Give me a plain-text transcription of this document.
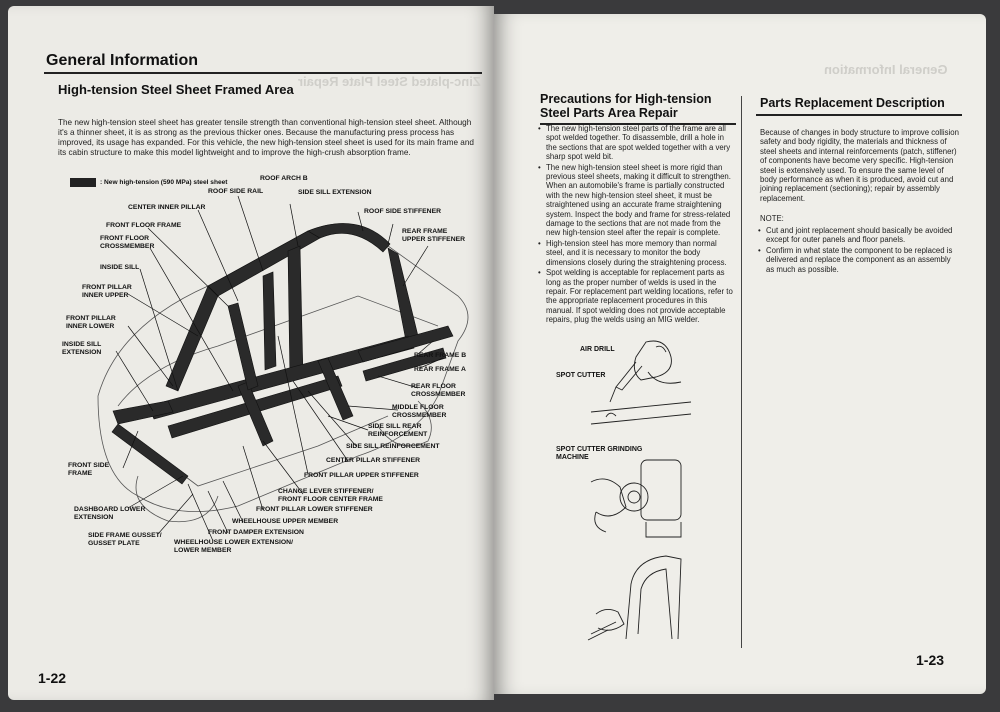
Zinc-plated Steel Plate Repair
General Information
High-tension Steel Sheet Framed Area
The new high-tension steel sheet has greater tensile strength than conventional high-tension steel sheet. Although it's a thinner sheet, it is as strong as the previous thicker ones. Because the manufacturing press process has improved, its usage has expanded. For this vehicle, the new high-tension steel sheet is used for its main frame and its cabin structure to make this model lightweight and to improve the high-crush absorption frame.
: New high-tension (590 MPa) steel sheet
ROOF ARCH B
ROOF SIDE RAIL	SIDE SILL EXTENSION
CENTER INNER PILLAR
ROOF SIDE STIFFENER
FRONT FLOOR FRAME
FRONT FLOOR
CROSSMEMBER
REAR FRAME
UPPER STIFFENER
INSIDE SILL
FRONT PILLAR
INNER UPPER
FRONT PILLAR
INNER LOWER
INSIDE SILL
EXTENSION	REAR FRAME B
REAR FRAME A
REAR FLOOR
CROSSMEMBER
MIDDLE FLOOR
CROSSMEMBER
SIDE SILL REAR
REINFORCEMENT
SIDE SILL REINFORCEMENT
CENTER PILLAR STIFFENER
FRONT PILLAR UPPER STIFFENER
FRONT SIDE
FRAME
CHANGE LEVER STIFFENER/
FRONT FLOOR CENTER FRAME
FRONT PILLAR LOWER STIFFENER
DASHBOARD LOWER
EXTENSION
WHEELHOUSE UPPER MEMBER
FRONT DAMPER EXTENSION
SIDE FRAME GUSSET/
GUSSET PLATE	WHEELHOUSE LOWER EXTENSION/
LOWER MEMBER
1-22
General Information
Precautions for High-tension Steel Parts Area Repair
• The new high-tension steel parts of the frame are all spot welded together. To disassemble, drill a hole in the sections that are spot welded together with a very sharp spot weld bit.
• The new high-tension steel sheet is more rigid than previous steel sheets, making it difficult to strengthen. When an automobile's frame is partially constructed with the new high-tension steel sheet, it must be straightened using an accurate frame straightening system. Inspect the body and frame for stress-related damage to the sections that are not made from the new high-tension steel after the repair is complete.
• High-tension steel has more memory than normal steel, and it is necessary to monitor the body dimensions closely during the straightening process.
• Spot welding is acceptable for replacement parts as long as the proper number of welds is used in the repair. For replacement part welding locations, refer to the appropriate replacement procedures in this manual. If spot welding does not provide acceptable repairs, plug the welds using an MIG welder.
AIR DRILL
SPOT CUTTER
SPOT CUTTER GRINDING
MACHINE
Parts Replacement Description
Because of changes in body structure to improve collision safety and body rigidity, the materials and thickness of steel sheets and internal reinforcements (patch, stiffener) of components have become very specific. High-tension steel is extensively used. To ensure the same level of body performance as when it is produced, avoid cut and joining replacement (sectioning); repair by assembly replacement.
NOTE:
• Cut and joint replacement should basically be avoided except for outer panels and floor panels.
• Confirm in what state the component to be replaced is delivered and replace the component as an assembly as much as possible.
1-23
